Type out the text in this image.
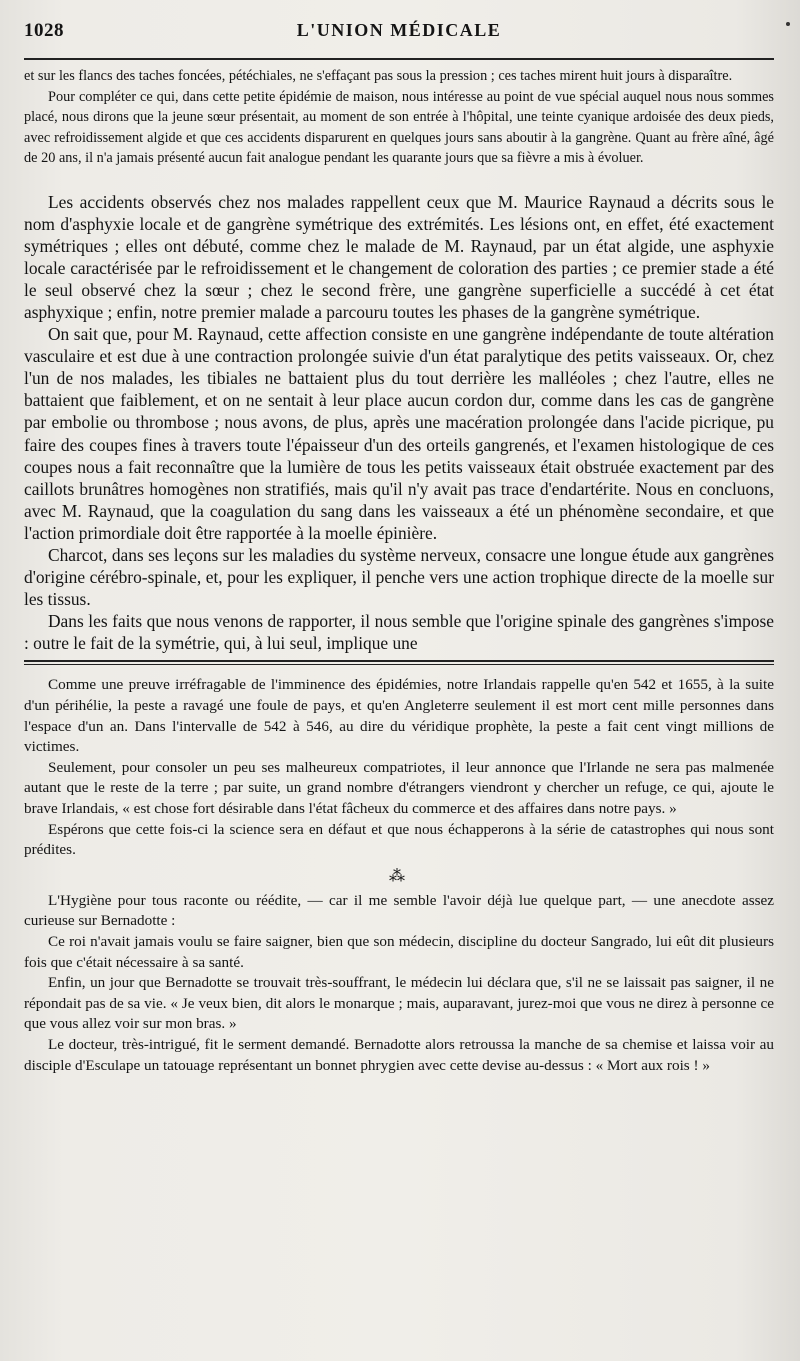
1028	L'UNION MÉDICALE

et sur les flancs des taches foncées, pétéchiales, ne s'effaçant pas sous la pression ; ces taches mirent huit jours à disparaître.

Pour compléter ce qui, dans cette petite épidémie de maison, nous intéresse au point de vue spécial auquel nous nous sommes placé, nous dirons que la jeune sœur présentait, au moment de son entrée à l'hôpital, une teinte cyanique ardoisée des deux pieds, avec refroidissement algide et que ces accidents disparurent en quelques jours sans aboutir à la gangrène. Quant au frère aîné, âgé de 20 ans, il n'a jamais présenté aucun fait analogue pendant les quarante jours que sa fièvre a mis à évoluer.

Les accidents observés chez nos malades rappellent ceux que M. Maurice Raynaud a décrits sous le nom d'asphyxie locale et de gangrène symétrique des extrémités. Les lésions ont, en effet, été exactement symétriques ; elles ont débuté, comme chez le malade de M. Raynaud, par un état algide, une asphyxie locale caractérisée par le refroidissement et le changement de coloration des parties ; ce premier stade a été le seul observé chez la sœur ; chez le second frère, une gangrène superficielle a succédé à cet état asphyxique ; enfin, notre premier malade a parcouru toutes les phases de la gangrène symétrique.

On sait que, pour M. Raynaud, cette affection consiste en une gangrène indépendante de toute altération vasculaire et est due à une contraction prolongée suivie d'un état paralytique des petits vaisseaux. Or, chez l'un de nos malades, les tibiales ne battaient plus du tout derrière les malléoles ; chez l'autre, elles ne battaient que faiblement, et on ne sentait à leur place aucun cordon dur, comme dans les cas de gangrène par embolie ou thrombose ; nous avons, de plus, après une macération prolongée dans l'acide picrique, pu faire des coupes fines à travers toute l'épaisseur d'un des orteils gangrenés, et l'examen histologique de ces coupes nous a fait reconnaître que la lumière de tous les petits vaisseaux était obstruée exactement par des caillots brunâtres homogènes non stratifiés, mais qu'il n'y avait pas trace d'endartérite. Nous en concluons, avec M. Raynaud, que la coagulation du sang dans les vaisseaux a été un phénomène secondaire, et que l'action primordiale doit être rapportée à la moelle épinière.

Charcot, dans ses leçons sur les maladies du système nerveux, consacre une longue étude aux gangrènes d'origine cérébro-spinale, et, pour les expliquer, il penche vers une action trophique directe de la moelle sur les tissus.

Dans les faits que nous venons de rapporter, il nous semble que l'origine spinale des gangrènes s'impose : outre le fait de la symétrie, qui, à lui seul, implique une

Comme une preuve irréfragable de l'imminence des épidémies, notre Irlandais rappelle qu'en 542 et 1655, à la suite d'un périhélie, la peste a ravagé une foule de pays, et qu'en Angleterre seulement il est mort cent mille personnes dans l'espace d'un an. Dans l'intervalle de 542 à 546, au dire du véridique prophète, la peste a fait cent vingt millions de victimes.

Seulement, pour consoler un peu ses malheureux compatriotes, il leur annonce que l'Irlande ne sera pas malmenée autant que le reste de la terre ; par suite, un grand nombre d'étrangers viendront y chercher un refuge, ce qui, ajoute le brave Irlandais, « est chose fort désirable dans l'état fâcheux du commerce et des affaires dans notre pays. »

Espérons que cette fois-ci la science sera en défaut et que nous échapperons à la série de catastrophes qui nous sont prédites.

⁂

L'Hygiène pour tous raconte ou réédite, — car il me semble l'avoir déjà lue quelque part, — une anecdote assez curieuse sur Bernadotte :

Ce roi n'avait jamais voulu se faire saigner, bien que son médecin, discipline du docteur Sangrado, lui eût dit plusieurs fois que c'était nécessaire à sa santé.

Enfin, un jour que Bernadotte se trouvait très-souffrant, le médecin lui déclara que, s'il ne se laissait pas saigner, il ne répondait pas de sa vie. « Je veux bien, dit alors le monarque ; mais, auparavant, jurez-moi que vous ne direz à personne ce que vous allez voir sur mon bras. »

Le docteur, très-intrigué, fit le serment demandé. Bernadotte alors retroussa la manche de sa chemise et laissa voir au disciple d'Esculape un tatouage représentant un bonnet phrygien avec cette devise au-dessus : « Mort aux rois ! »
